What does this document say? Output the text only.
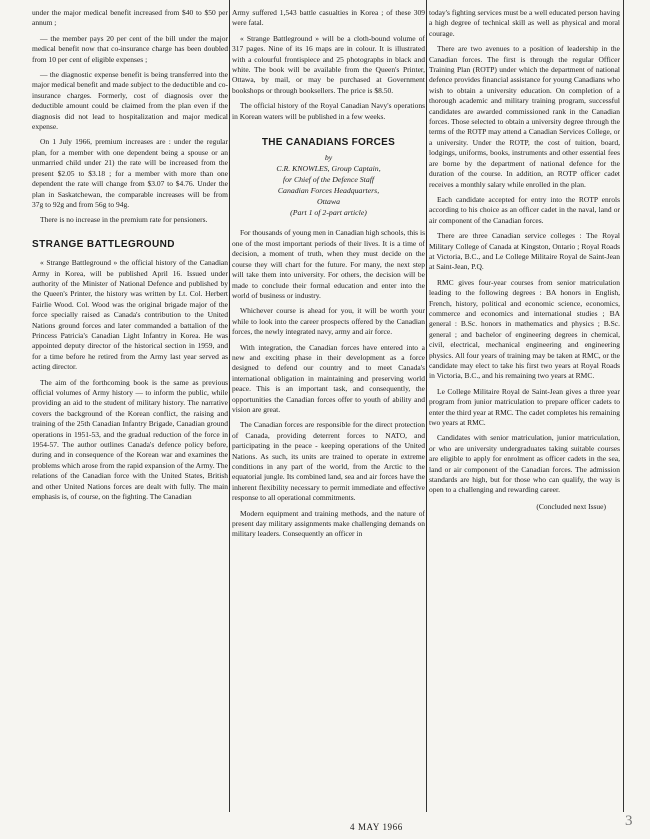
under the major medical benefit increased from $40 to $50 per annum ;

— the member pays 20 per cent of the bill under the major medical benefit now that co-insurance charge has been doubled from 10 per cent of eligible expenses ;

— the diagnostic expense benefit is being transferred into the major medical benefit and made subject to the deductible and co-insurance charges. Formerly, cost of diagnosis over the deductible amount could be claimed from the plan even if the diagnosis did not lead to hospitalization and major medical expense.

On 1 July 1966, premium increases are : under the regular plan, for a member with one dependent being a spouse or an unmarried child under 21) the rate will be increased from the present $2.05 to $3.18 ; for a member with more than one dependent the rate will change from $3.07 to $4.76. Under the plan in Saskatchewan, the comparable increases will be from 37g to 92g and from 56g to 94g.

There is no increase in the premium rate for pensioners.

STRANGE BATTLEGROUND

« Strange Battleground » the official history of the Canadian Army in Korea, will be published April 16. Issued under authority of the Minister of National Defence and published by the Queen's Printer, the history was written by Lt. Col. Herbert Fairlie Wood. Col. Wood was the original brigade major of the force specially raised as Canada's contribution to the United Nations ground forces and later commanded a battalion of the Princess Patricia's Canadian Light Infantry in Korea. He was appointed deputy director of the historical section in 1959, and for a time before he retired from the Army last year served as acting director.

The aim of the forthcoming book is the same as previous official volumes of Army history — to inform the public, while providing an aid to the student of military history. The narrative covers the background of the Korean conflict, the raising and training of the 25th Canadian Infantry Brigade, Canadian ground operations in 1951-53, and the gradual reduction of the force in 1954-57. The author outlines Canada's defence policy before, during and in consequence of the Korean war and examines the problems which arose from the rapid expansion of the Army. The relations of the Canadian force with the United States, British and other United Nations forces are dealt with fully. The main emphasis is, of course, on the fighting. The Canadian

Army suffered 1,543 battle casualties in Korea ; of these 309 were fatal.

« Strange Battleground » will be a cloth-bound volume of 317 pages. Nine of its 16 maps are in colour. It is illustrated with a colourful frontispiece and 25 photographs in black and white. The book will be available from the Queen's Printer, Ottawa, by mail, or may be purchased at Government bookshops or through booksellers. The price is $8.50.

The official history of the Royal Canadian Navy's operations in Korean waters will be published in a few weeks.

THE CANADIANS FORCES
by
C.R. KNOWLES, Group Captain,
for Chief of the Defence Staff
Canadian Forces Headquarters,
Ottawa
(Part 1 of 2-part article)

For thousands of young men in Canadian high schools, this is one of the most important periods of their lives. It is a time of decision, a moment of truth, when they must decide on the course they will chart for the future. For many, the next step will take them into university. For others, the decision will be made to conclude their formal education and enter into the world of business or industry.

Whichever course is ahead for you, it will be worth your while to look into the career prospects offered by the Canadian forces, the newly integrated navy, army and air force.

With integration, the Canadian forces have entered into a new and exciting phase in their development as a force designed to defend our country and to meet Canada's international obligation in maintaining and preserving world peace. This is an important task, and consequently, the opportunities the Canadian forces offer to youth of ability and vision are great.

The Canadian forces are responsible for the direct protection of Canada, providing deterrent forces to NATO, and participating in the peace - keeping operations of the United Nations. As such, its units are trained to operate in extreme conditions in any part of the world, from the Arctic to the equatorial jungle. Its combined land, sea and air forces have the inherent flexibility necessary to permit immediate and effective response to all operational commitments.

Modern equipment and training methods, and the nature of present day military assignments make challenging demands on military leaders. Consequently an officer in

today's fighting services must be a well educated person having a high degree of technical skill as well as physical and moral courage.

There are two avenues to a position of leadership in the Canadian forces. The first is through the regular Officer Training Plan (ROTP) under which the department of national defence provides financial assistance for young Canadians who wish to obtain a university education. On completion of a thorough academic and military training program, successful candidates are awarded commissioned rank in the Canadian forces. Those selected to obtain a university degree through the terms of the ROTP may attend a Canadian Services College, or a university. Under the ROTP, the cost of tuition, board, lodgings, uniforms, books, instruments and other essential fees are borne by the department of national defence for the duration of the course. In addition, an ROTP officer cadet receives a monthly salary while enrolled in the plan.

Each candidate accepted for entry into the ROTP enrols according to his choice as an officer cadet in the naval, land or air component of the Canadian forces.

There are three Canadian service colleges : The Royal Military College of Canada at Kingston, Ontario ; Royal Roads at Victoria, B.C., and Le College Militaire Royal de Saint-Jean at Saint-Jean, P.Q.

RMC gives four-year courses from senior matriculation leading to the following degrees : BA honors in English, French, history, political and economic science, economics, commerce and economics and international studies ; BA general : B.Sc. honors in mathematics and physics ; B.Sc. general ; and bachelor of engineering degrees in chemical, civil, electrical, mechanical engineering and engineering physics. All four years of training may be taken at RMC, or the candidate may elect to take his first two years at Royal Roads in Victoria, B.C., and his remaining two years at RMC.

Le College Militaire Royal de Saint-Jean gives a three year program from junior matriculation to prepare officer cadets to enter the third year at RMC. The cadet completes his remaining two years at RMC.

Candidates with senior matriculation, junior matriculation, or who are university undergraduates taking suitable courses are eligible to apply for enrolment as officer cadets in the sea, land or air component of the Canadian forces. The admission standards are high, but for those who can qualify, the way is open to a challenging and rewarding career.

(Concluded next Issue)
4 MAY 1966	3
